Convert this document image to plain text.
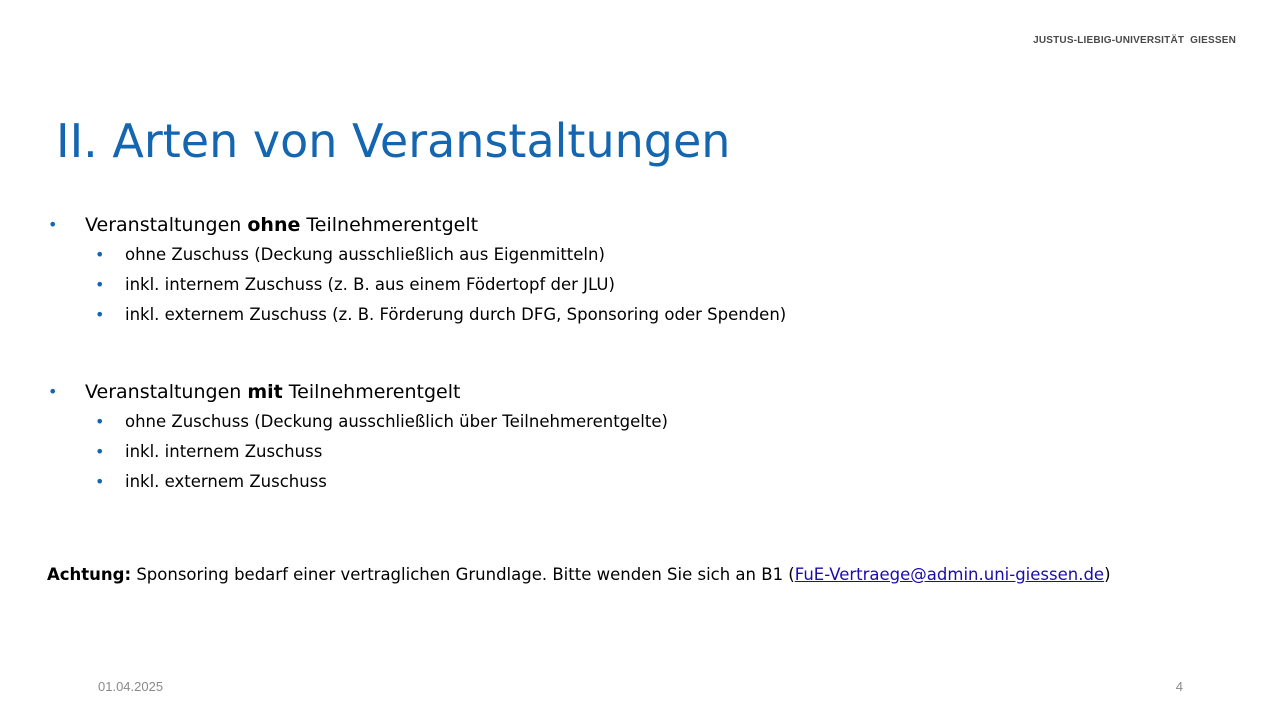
JUSTUS-LIEBIG-UNIVERSITÄT  GIESSEN
II. Arten von Veranstaltungen
• Veranstaltungen ohne Teilnehmerentgelt
• ohne Zuschuss (Deckung ausschließlich aus Eigenmitteln)
• inkl. internem Zuschuss (z. B. aus einem Födertopf der JLU)
• inkl. externem Zuschuss (z. B. Förderung durch DFG, Sponsoring oder Spenden)
• Veranstaltungen mit Teilnehmerentgelt
• ohne Zuschuss (Deckung ausschließlich über Teilnehmerentgelte)
• inkl. internem Zuschuss
• inkl. externem Zuschuss
Achtung: Sponsoring bedarf einer vertraglichen Grundlage. Bitte wenden Sie sich an B1 (FuE-Vertraege@admin.uni-giessen.de)
01.04.2025	4
